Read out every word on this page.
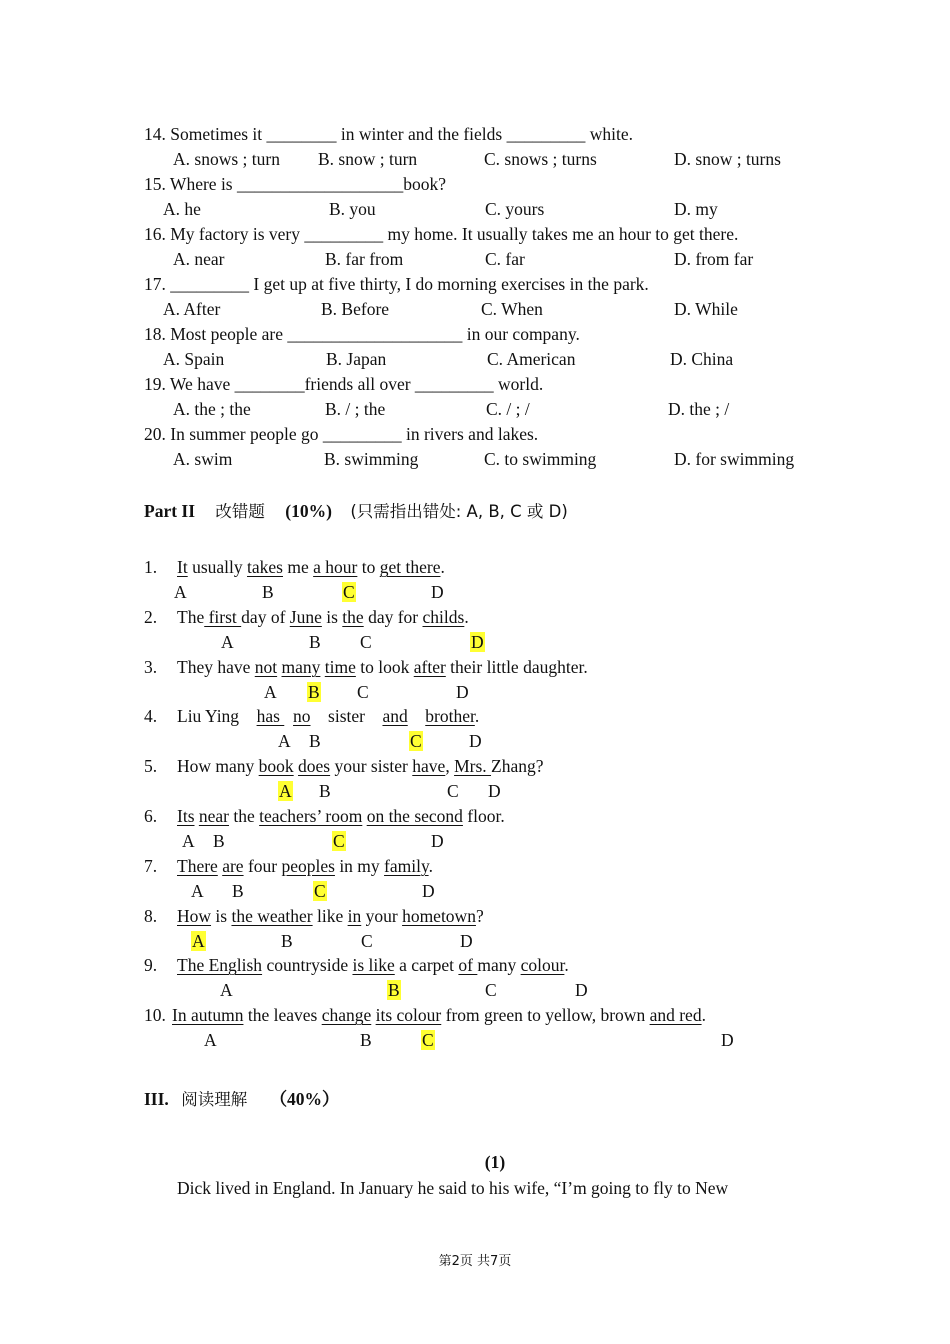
14. Sometimes it ________ in winter and the fields _________ white.
A. snows ; turn B. snow ; turn	C. snows ; turns	D. snow ; turns
15. Where is ___________________book?
A. he	B. you	C. yours	D. my
16. My factory is very _________ my home. It usually takes me an hour to get there.
A. near	B. far from	C. far	D. from far
17. _________ I get up at five thirty, I do morning exercises in the park.
A. After	B. Before	C. When	D. While
18. Most people are ____________________ in our company.
A. Spain	B. Japan	C. American	D. China
19. We have ________friends all over _________ world.
A. the ; the	B. / ; the	C. / ; /	D. the ; /
20. In summer people go _________ in rivers and lakes.
A. swim	B. swimming	C. to swimming	D. for swimming
Part II 改错题 (10%) (只需指出错处: A, B, C 或 D)
1. It usually takes me a hour to get there.
A	B	C	D
2. The first day of June is the day for childs.
A	B C	D
3. They have not many time to look after their little daughter.
A B C	D
4. Liu Ying    has   no    sister    and brother.
A B	C	D
5. How many book does your sister have, Mrs. Zhang?
A B	C D
6. Its near the teachers’ room on the second floor.
A B	C	D
7. There are four peoples in my family.
A B	C	D
8. How is the weather like in your hometown?
A	B	C	D
9. The English countryside is like a carpet of many colour.
A	B	C	D
10. In autumn the leaves change its colour from green to yellow, brown and red.
A	B	C	D
III. 阅读理解 （40%）
(1)
Dick lived in England. In January he said to his wife, “I’m going to fly to New
第2页 共7页
